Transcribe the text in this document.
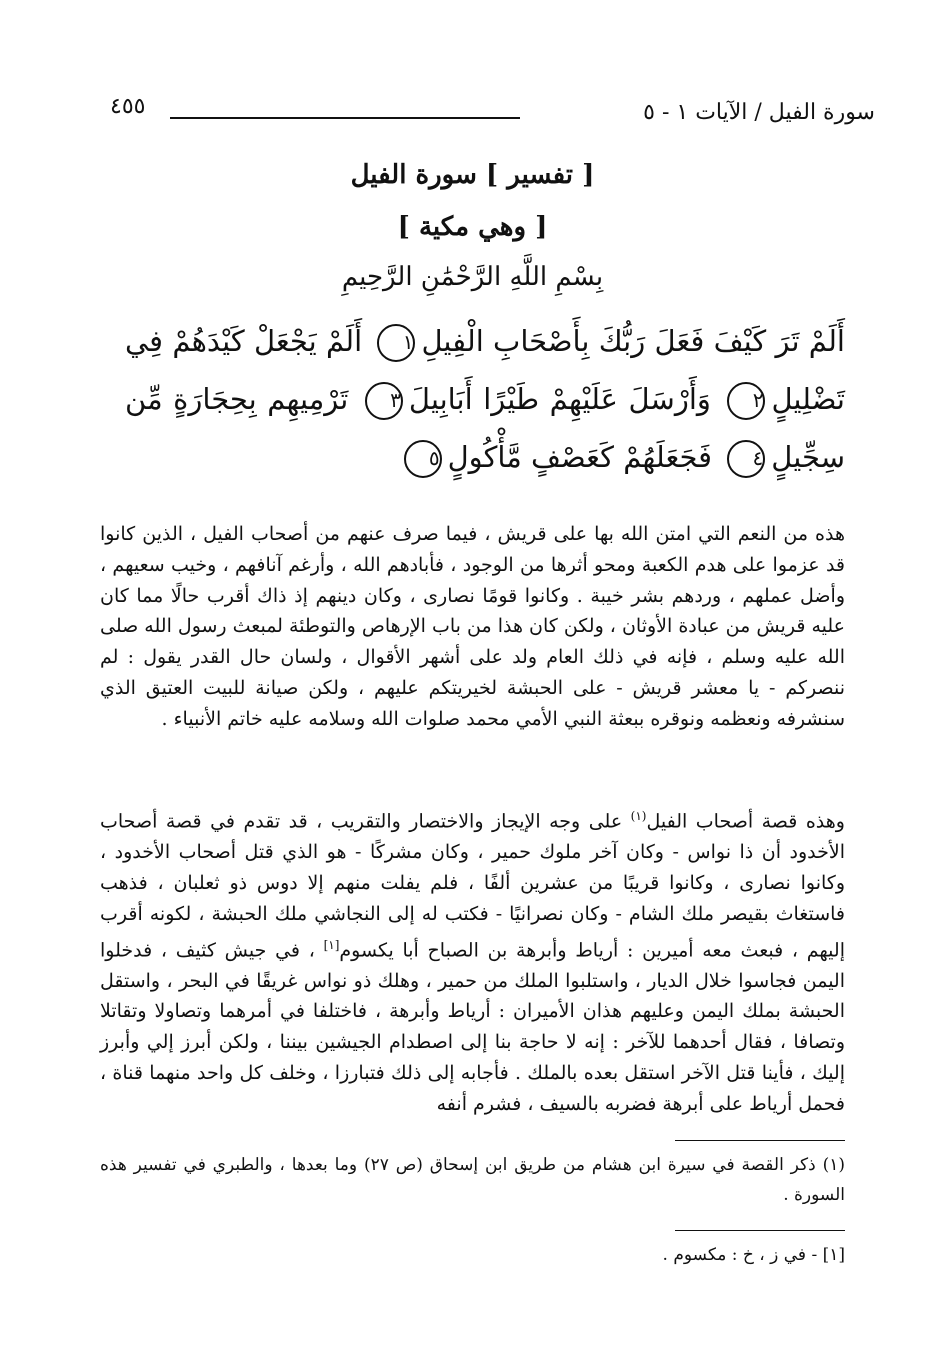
سورة الفيل / الآيات ١ - ٥
٤٥٥
[ تفسير ] سورة الفيل
[ وهي مكية ]
بِسْمِ اللَّهِ الرَّحْمَٰنِ الرَّحِيمِ
أَلَمْ تَرَ كَيْفَ فَعَلَ رَبُّكَ بِأَصْحَابِ الْفِيلِ١ أَلَمْ يَجْعَلْ كَيْدَهُمْ فِي تَضْلِيلٍ٢ وَأَرْسَلَ عَلَيْهِمْ طَيْرًا أَبَابِيلَ٣ تَرْمِيهِم بِحِجَارَةٍ مِّن سِجِّيلٍ٤ فَجَعَلَهُمْ كَعَصْفٍ مَّأْكُولٍ٥

هذه من النعم التي امتن الله بها على قريش ، فيما صرف عنهم من أصحاب الفيل ، الذين كانوا قد عزموا على هدم الكعبة ومحو أثرها من الوجود ، فأبادهم الله ، وأرغم آنافهم ، وخيب سعيهم ، وأضل عملهم ، وردهم بشر خيبة . وكانوا قومًا نصارى ، وكان دينهم إذ ذاك أقرب حالًا مما كان عليه قريش من عبادة الأوثان ، ولكن كان هذا من باب الإرهاص والتوطئة لمبعث رسول الله صلى الله عليه وسلم ، فإنه في ذلك العام ولد على أشهر الأقوال ، ولسان حال القدر يقول : لم ننصركم - يا معشر قريش - على الحبشة لخيريتكم عليهم ، ولكن صيانة للبيت العتيق الذي سنشرفه ونعظمه ونوقره ببعثة النبي الأمي محمد صلوات الله وسلامه عليه خاتم الأنبياء .

وهذه قصة أصحاب الفيل$^{(١)}$ على وجه الإيجاز والاختصار والتقريب ، قد تقدم في قصة أصحاب الأخدود أن ذا نواس - وكان آخر ملوك حمير ، وكان مشركًا - هو الذي قتل أصحاب الأخدود ، وكانوا نصارى ، وكانوا قريبًا من عشرين ألفًا ، فلم يفلت منهم إلا دوس ذو ثعلبان ، فذهب فاستغاث بقيصر ملك الشام - وكان نصرانيًا - فكتب له إلى النجاشي ملك الحبشة ، لكونه أقرب إليهم ، فبعث معه أميرين : أرياط وأبرهة بن الصباح أبا يكسوم[١] ، في جيش كثيف ، فدخلوا اليمن فجاسوا خلال الديار ، واستلبوا الملك من حمير ، وهلك ذو نواس غريقًا في البحر ، واستقل الحبشة بملك اليمن وعليهم هذان الأميران : أرياط وأبرهة ، فاختلفا في أمرهما وتصاولا وتقاتلا وتصافا ، فقال أحدهما للآخر : إنه لا حاجة بنا إلى اصطدام الجيشين بيننا ، ولكن أبرز إلي وأبرز إليك ، فأينا قتل الآخر استقل بعده بالملك . فأجابه إلى ذلك فتبارزا ، وخلف كل واحد منهما قناة ، فحمل أرياط على أبرهة فضربه بالسيف ، فشرم أنفه

(١) ذكر القصة في سيرة ابن هشام من طريق ابن إسحاق (ص ٢٧) وما بعدها ، والطبري في تفسير هذه السورة .
[١] - في ز ، خ : مكسوم .
